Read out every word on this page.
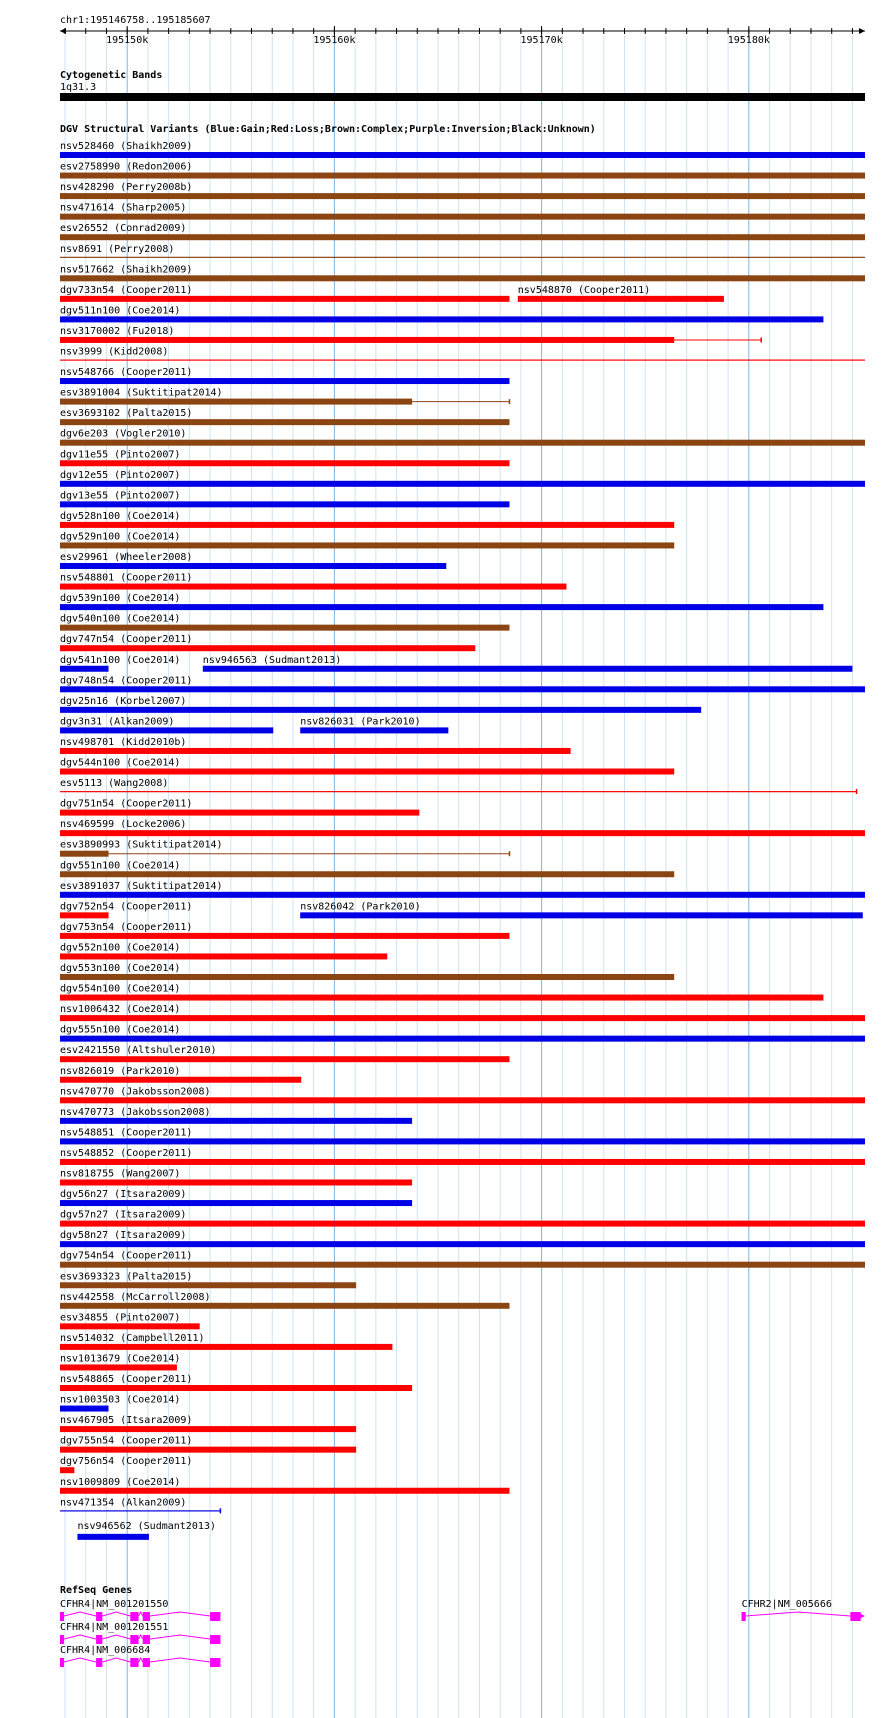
chr1:195146758..195185607
195150k	195160k	195170k	195180k
Cytogenetic Bands
1q31.3
DGV Structural Variants (Blue:Gain;Red:Loss;Brown:Complex;Purple:Inversion;Black:Unknown)
nsv528460 (Shaikh2009)
esv2758990 (Redon2006)
nsv428290 (Perry2008b)
nsv471614 (Sharp2005)
esv26552 (Conrad2009)
nsv8691 (Perry2008)
nsv517662 (Shaikh2009)
dgv733n54 (Cooper2011)	nsv548870 (Cooper2011)
dgv511n100 (Coe2014)
nsv3170002 (Fu2018)
nsv3999 (Kidd2008)
nsv548766 (Cooper2011)
esv3891004 (Suktitipat2014)
esv3693102 (Palta2015)
dgv6e203 (Vogler2010)
dgv11e55 (Pinto2007)
dgv12e55 (Pinto2007)
dgv13e55 (Pinto2007)
dgv528n100 (Coe2014)
dgv529n100 (Coe2014)
esv29961 (Wheeler2008)
nsv548801 (Cooper2011)
dgv539n100 (Coe2014)
dgv540n100 (Coe2014)
dgv747n54 (Cooper2011)
dgv541n100 (Coe2014) nsv946563 (Sudmant2013)
dgv748n54 (Cooper2011)
dgv25n16 (Korbel2007)
dgv3n31 (Alkan2009)	nsv826031 (Park2010)
nsv498701 (Kidd2010b)
dgv544n100 (Coe2014)
esv5113 (Wang2008)
dgv751n54 (Cooper2011)
nsv469599 (Locke2006)
esv3890993 (Suktitipat2014)
dgv551n100 (Coe2014)
esv3891037 (Suktitipat2014)
dgv752n54 (Cooper2011)	nsv826042 (Park2010)
dgv753n54 (Cooper2011)
dgv552n100 (Coe2014)
dgv553n100 (Coe2014)
dgv554n100 (Coe2014)
nsv1006432 (Coe2014)
dgv555n100 (Coe2014)
esv2421550 (Altshuler2010)
nsv826019 (Park2010)
nsv470770 (Jakobsson2008)
nsv470773 (Jakobsson2008)
nsv548851 (Cooper2011)
nsv548852 (Cooper2011)
nsv818755 (Wang2007)
dgv56n27 (Itsara2009)
dgv57n27 (Itsara2009)
dgv58n27 (Itsara2009)
dgv754n54 (Cooper2011)
esv3693323 (Palta2015)
nsv442558 (McCarroll2008)
esv34855 (Pinto2007)
nsv514032 (Campbell2011)
nsv1013679 (Coe2014)
nsv548865 (Cooper2011)
nsv1003503 (Coe2014)
nsv467905 (Itsara2009)
dgv755n54 (Cooper2011)
dgv756n54 (Cooper2011)
nsv1009809 (Coe2014)
nsv471354 (Alkan2009)
nsv946562 (Sudmant2013)
RefSeq Genes
CFHR4|NM_001201550
CFHR4|NM_001201551
CFHR4|NM_006684
CFHR2|NM_005666
